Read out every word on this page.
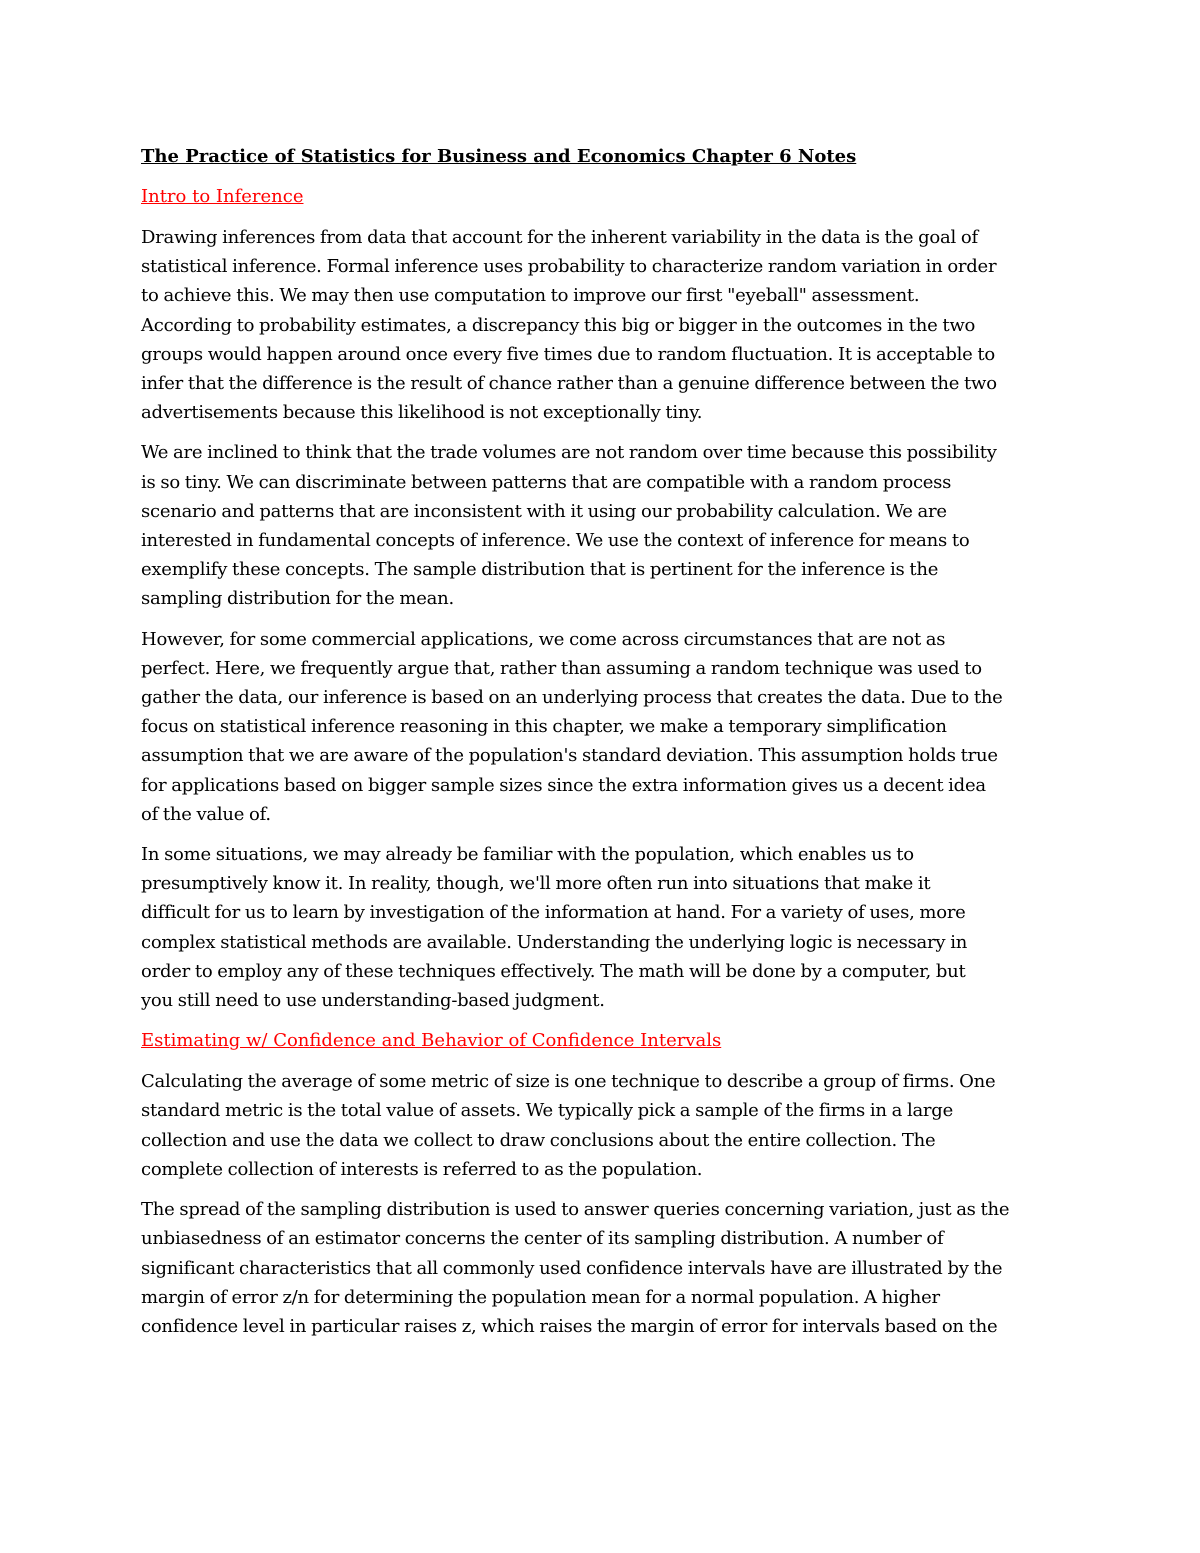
The Practice of Statistics for Business and Economics Chapter 6 Notes
Intro to Inference
Drawing inferences from data that account for the inherent variability in the data is the goal of
statistical inference. Formal inference uses probability to characterize random variation in order
to achieve this. We may then use computation to improve our first "eyeball" assessment.
According to probability estimates, a discrepancy this big or bigger in the outcomes in the two
groups would happen around once every five times due to random fluctuation. It is acceptable to
infer that the difference is the result of chance rather than a genuine difference between the two
advertisements because this likelihood is not exceptionally tiny.
We are inclined to think that the trade volumes are not random over time because this possibility
is so tiny. We can discriminate between patterns that are compatible with a random process
scenario and patterns that are inconsistent with it using our probability calculation. We are
interested in fundamental concepts of inference. We use the context of inference for means to
exemplify these concepts. The sample distribution that is pertinent for the inference is the
sampling distribution for the mean.
However, for some commercial applications, we come across circumstances that are not as
perfect. Here, we frequently argue that, rather than assuming a random technique was used to
gather the data, our inference is based on an underlying process that creates the data. Due to the
focus on statistical inference reasoning in this chapter, we make a temporary simplification
assumption that we are aware of the population's standard deviation. This assumption holds true
for applications based on bigger sample sizes since the extra information gives us a decent idea
of the value of.
In some situations, we may already be familiar with the population, which enables us to
presumptively know it. In reality, though, we'll more often run into situations that make it
difficult for us to learn by investigation of the information at hand. For a variety of uses, more
complex statistical methods are available. Understanding the underlying logic is necessary in
order to employ any of these techniques effectively. The math will be done by a computer, but
you still need to use understanding-based judgment.
Estimating w/ Confidence and Behavior of Confidence Intervals
Calculating the average of some metric of size is one technique to describe a group of firms. One
standard metric is the total value of assets. We typically pick a sample of the firms in a large
collection and use the data we collect to draw conclusions about the entire collection. The
complete collection of interests is referred to as the population.
The spread of the sampling distribution is used to answer queries concerning variation, just as the
unbiasedness of an estimator concerns the center of its sampling distribution. A number of
significant characteristics that all commonly used confidence intervals have are illustrated by the
margin of error z/n for determining the population mean for a normal population. A higher
confidence level in particular raises z, which raises the margin of error for intervals based on the
